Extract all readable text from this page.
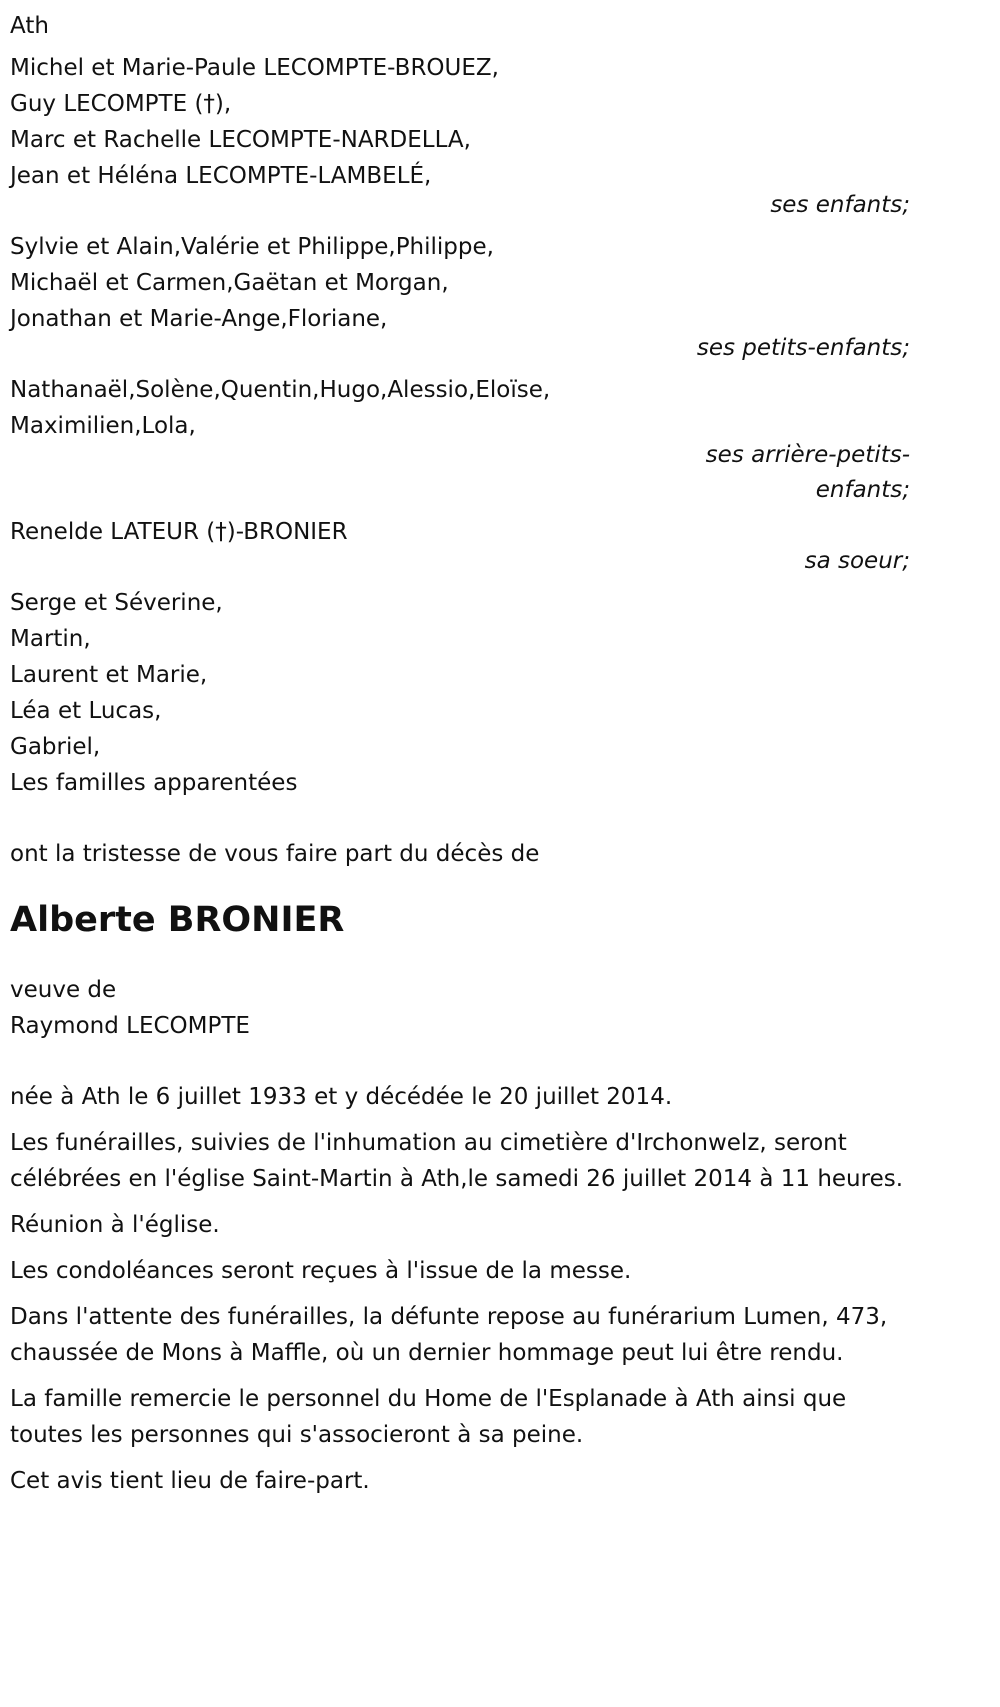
Ath
Michel et Marie-Paule LECOMPTE-BROUEZ,
Guy LECOMPTE (†),
Marc et Rachelle LECOMPTE-NARDELLA,
Jean et Héléna LECOMPTE-LAMBELÉ,
ses enfants;
Sylvie et Alain,Valérie et Philippe,Philippe,
Michaël et Carmen,Gaëtan et Morgan,
Jonathan et Marie-Ange,Floriane,
ses petits-enfants;
Nathanaël,Solène,Quentin,Hugo,Alessio,Eloïse,
Maximilien,Lola,
ses arrière-petits-
enfants;
Renelde LATEUR (†)-BRONIER
sa soeur;
Serge et Séverine,
Martin,
Laurent et Marie,
Léa et Lucas,
Gabriel,
Les familles apparentées
ont la tristesse de vous faire part du décès de
Alberte BRONIER
veuve de
Raymond LECOMPTE
née à Ath le 6 juillet 1933 et y décédée le 20 juillet 2014.
Les funérailles, suivies de l'inhumation au cimetière d'Irchonwelz, seront célébrées en l'église Saint-Martin à Ath,le samedi 26 juillet 2014 à 11 heures.
Réunion à l'église.
Les condoléances seront reçues à l'issue de la messe.
Dans l'attente des funérailles, la défunte repose au funérarium Lumen, 473, chaussée de Mons à Maffle, où un dernier hommage peut lui être rendu.
La famille remercie le personnel du Home de l'Esplanade à Ath ainsi que toutes les personnes qui s'associeront à sa peine.
Cet avis tient lieu de faire-part.
